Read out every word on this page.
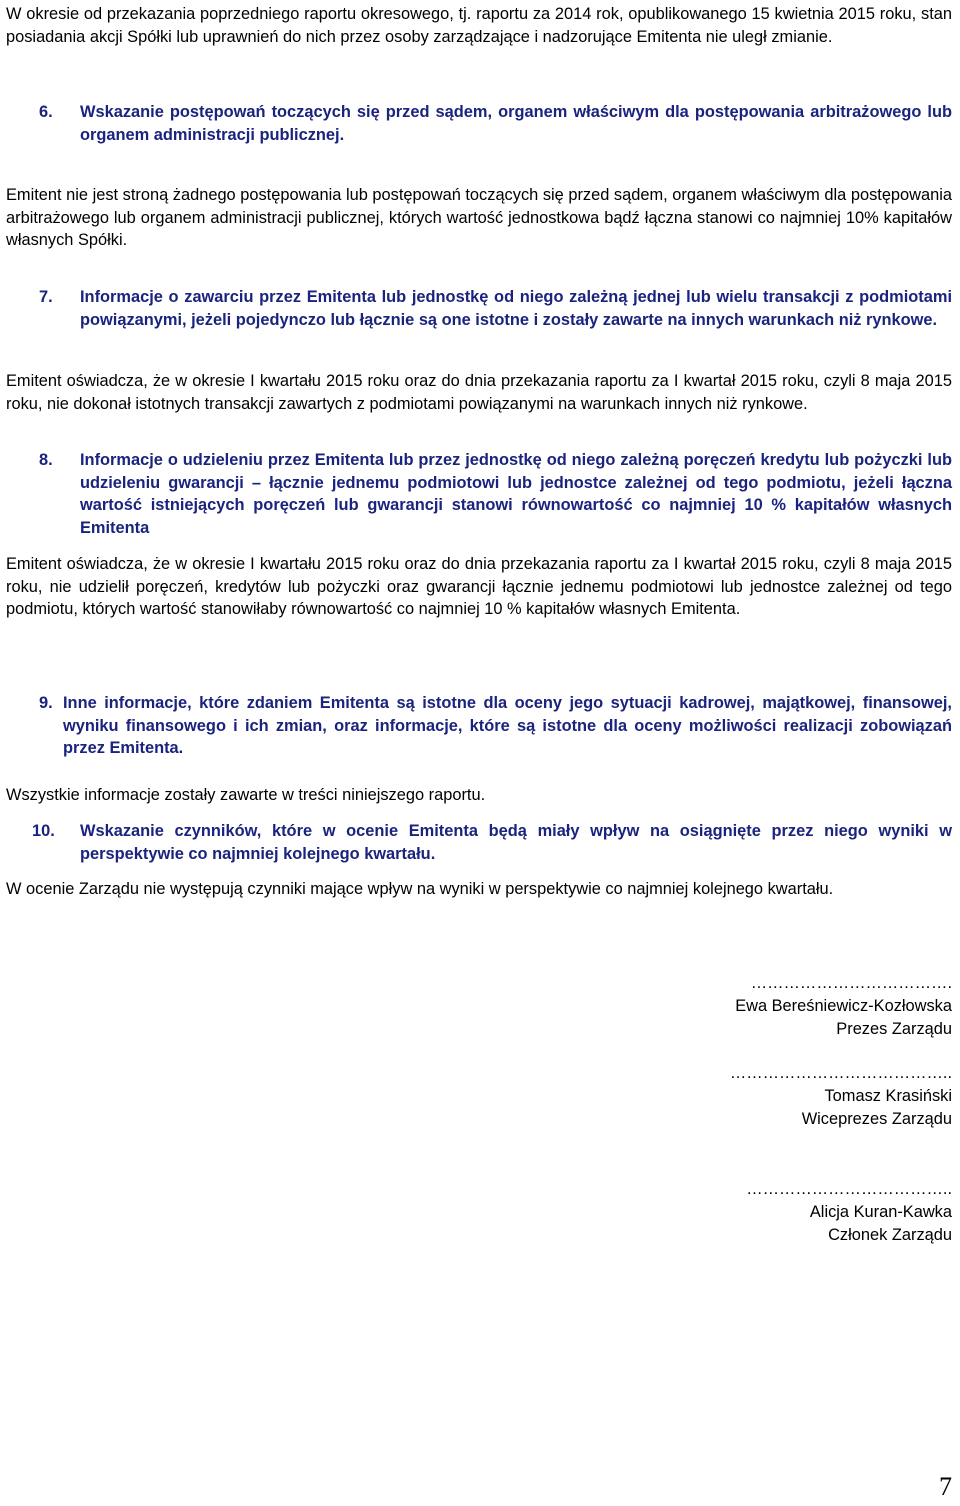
W okresie od przekazania poprzedniego raportu okresowego, tj. raportu za 2014 rok, opublikowanego 15 kwietnia 2015 roku, stan posiadania akcji Spółki lub uprawnień do nich przez osoby zarządzające i nadzorujące Emitenta nie uległ zmianie.

6. Wskazanie postępowań toczących się przed sądem, organem właściwym dla postępowania arbitrażowego lub organem administracji publicznej.

Emitent nie jest stroną żadnego postępowania lub postępowań toczących się przed sądem, organem właściwym dla postępowania arbitrażowego lub organem administracji publicznej, których wartość jednostkowa bądź łączna stanowi co najmniej 10% kapitałów własnych Spółki.

7. Informacje o zawarciu przez Emitenta lub jednostkę od niego zależną jednej lub wielu transakcji z podmiotami powiązanymi, jeżeli pojedynczo lub łącznie są one istotne i zostały zawarte na innych warunkach niż rynkowe.

Emitent oświadcza, że w okresie I kwartału 2015 roku oraz do dnia przekazania raportu za I kwartał 2015 roku, czyli 8 maja 2015 roku, nie dokonał istotnych transakcji zawartych z podmiotami powiązanymi na warunkach innych niż rynkowe.

8. Informacje o udzieleniu przez Emitenta lub przez jednostkę od niego zależną poręczeń kredytu lub pożyczki lub udzieleniu gwarancji – łącznie jednemu podmiotowi lub jednostce zależnej od tego podmiotu, jeżeli łączna wartość istniejących poręczeń lub gwarancji stanowi równowartość co najmniej 10 % kapitałów własnych Emitenta

Emitent oświadcza, że w okresie I kwartału 2015 roku oraz do dnia przekazania raportu za I kwartał 2015 roku, czyli 8 maja 2015 roku, nie udzielił poręczeń, kredytów lub pożyczki oraz gwarancji łącznie jednemu podmiotowi lub jednostce zależnej od tego podmiotu, których wartość stanowiłaby równowartość co najmniej 10 % kapitałów własnych Emitenta.

9. Inne informacje, które zdaniem Emitenta są istotne dla oceny jego sytuacji kadrowej, majątkowej, finansowej, wyniku finansowego i ich zmian, oraz informacje, które są istotne dla oceny możliwości realizacji zobowiązań przez Emitenta.

Wszystkie informacje zostały zawarte w treści niniejszego raportu.

10. Wskazanie czynników, które w ocenie Emitenta będą miały wpływ na osiągnięte przez niego wyniki w perspektywie co najmniej kolejnego kwartału.

W ocenie Zarządu nie występują czynniki mające wpływ na wyniki w perspektywie co najmniej kolejnego kwartału.

……………………………….
Ewa Bereśniewicz-Kozłowska
Prezes Zarządu
…………………………………..
Tomasz Krasiński
Wiceprezes Zarządu
………………………………..
Alicja Kuran-Kawka
Członek Zarządu
7
